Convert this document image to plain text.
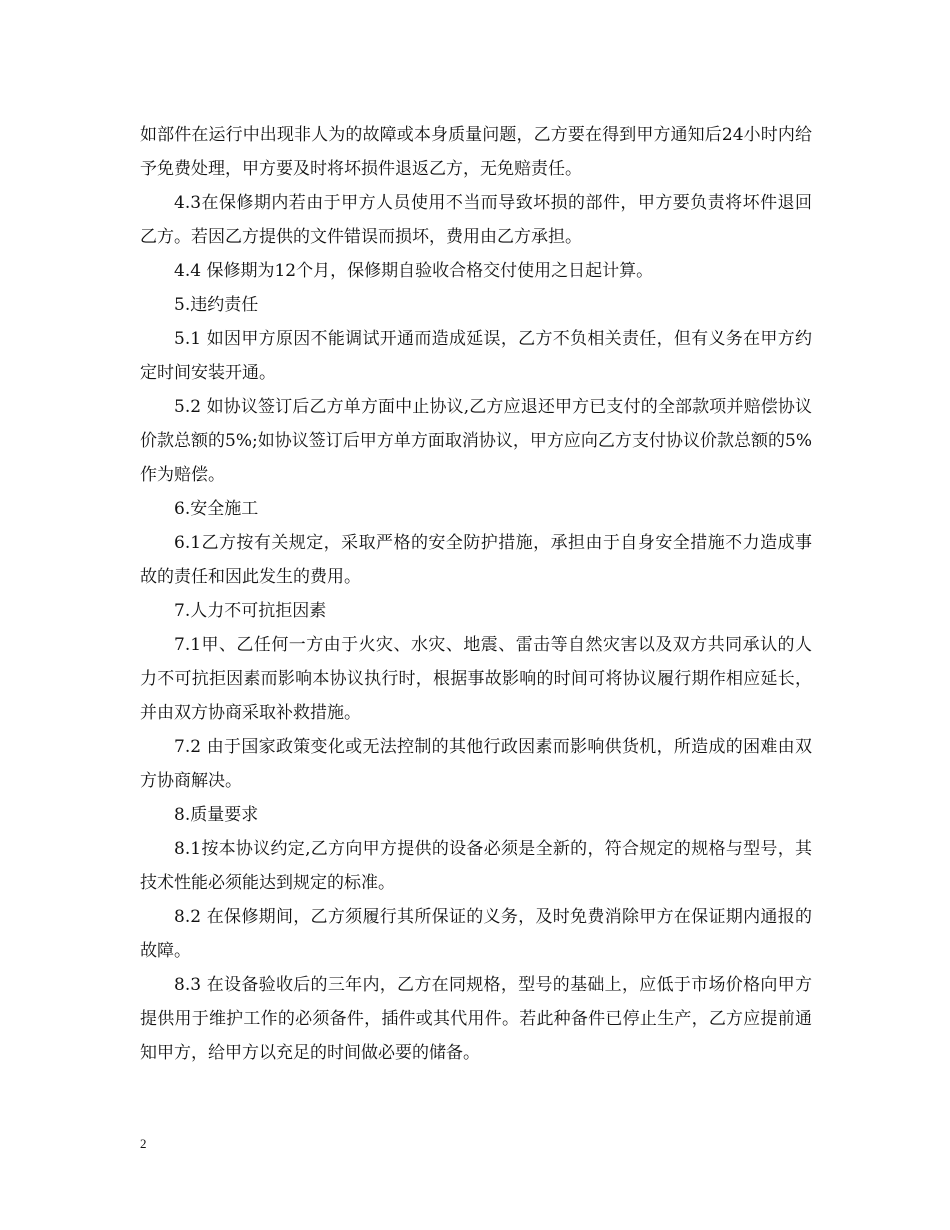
如部件在运行中出现非人为的故障或本身质量问题，乙方要在得到甲方通知后24小时内给予免费处理，甲方要及时将坏损件退返乙方，无免赔责任。

4.3在保修期内若由于甲方人员使用不当而导致坏损的部件，甲方要负责将坏件退回乙方。若因乙方提供的文件错误而损坏，费用由乙方承担。

4.4 保修期为12个月，保修期自验收合格交付使用之日起计算。

5.违约责任

5.1 如因甲方原因不能调试开通而造成延误，乙方不负相关责任，但有义务在甲方约定时间安装开通。

5.2 如协议签订后乙方单方面中止协议,乙方应退还甲方已支付的全部款项并赔偿协议价款总额的5%;如协议签订后甲方单方面取消协议，甲方应向乙方支付协议价款总额的5%作为赔偿。

6.安全施工

6.1乙方按有关规定，采取严格的安全防护措施，承担由于自身安全措施不力造成事故的责任和因此发生的费用。

7.人力不可抗拒因素

7.1甲、乙任何一方由于火灾、水灾、地震、雷击等自然灾害以及双方共同承认的人力不可抗拒因素而影响本协议执行时，根据事故影响的时间可将协议履行期作相应延长，并由双方协商采取补救措施。

7.2 由于国家政策变化或无法控制的其他行政因素而影响供货机，所造成的困难由双方协商解决。

8.质量要求

8.1按本协议约定,乙方向甲方提供的设备必须是全新的，符合规定的规格与型号，其技术性能必须能达到规定的标准。

8.2 在保修期间，乙方须履行其所保证的义务，及时免费消除甲方在保证期内通报的故障。

8.3 在设备验收后的三年内，乙方在同规格，型号的基础上，应低于市场价格向甲方提供用于维护工作的必须备件，插件或其代用件。若此种备件已停止生产，乙方应提前通知甲方，给甲方以充足的时间做必要的储备。

2
